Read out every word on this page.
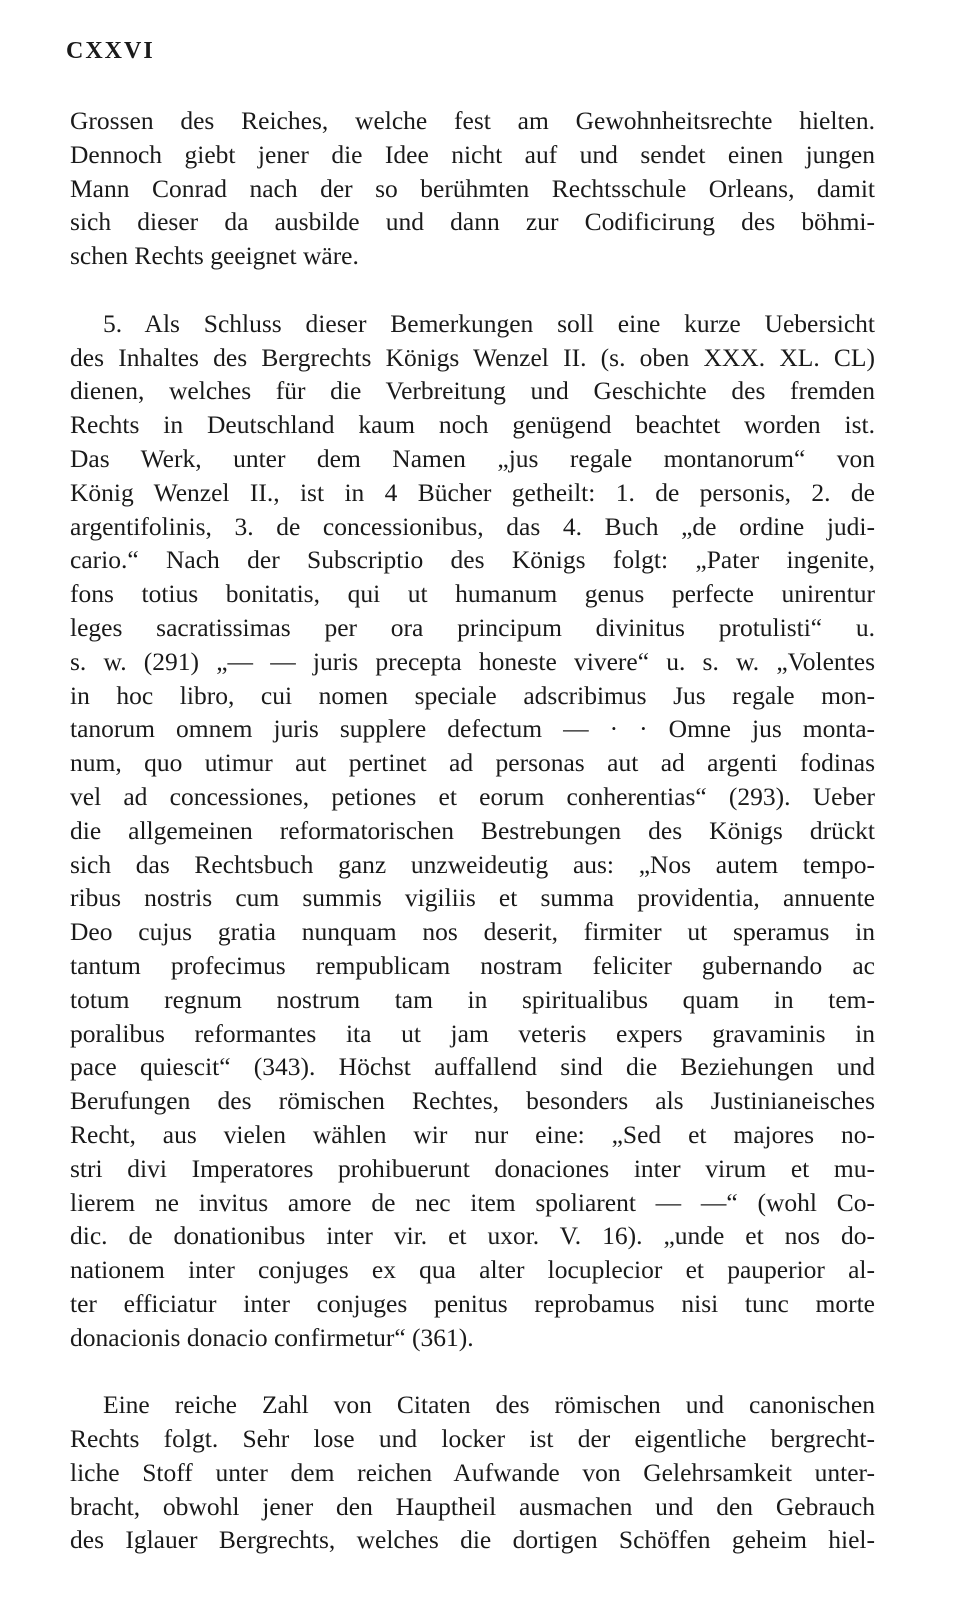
CXXVI
Grossen des Reiches, welche fest am Gewohnheitsrechte hielten.
Dennoch giebt jener die Idee nicht auf und sendet einen jungen
Mann Conrad nach der so berühmten Rechtsschule Orleans, damit
sich dieser da ausbilde und dann zur Codificirung des böhmi-
schen Rechts geeignet wäre.
5. Als Schluss dieser Bemerkungen soll eine kurze Uebersicht
des Inhaltes des Bergrechts Königs Wenzel II. (s. oben XXX. XL. CL)
dienen, welches für die Verbreitung und Geschichte des fremden
Rechts in Deutschland kaum noch genügend beachtet worden ist.
Das Werk, unter dem Namen „jus regale montanorum“ von
König Wenzel II., ist in 4 Bücher getheilt: 1. de personis, 2. de
argentifolinis, 3. de concessionibus, das 4. Buch „de ordine judi-
cario.“ Nach der Subscriptio des Königs folgt: „Pater ingenite,
fons totius bonitatis, qui ut humanum genus perfecte unirentur
leges sacratissimas per ora principum divinitus protulisti“ u.
s. w. (291) „— — juris precepta honeste vivere“ u. s. w. „Volentes
in hoc libro, cui nomen speciale adscribimus Jus regale mon-
tanorum omnem juris supplere defectum — · · Omne jus monta-
num, quo utimur aut pertinet ad personas aut ad argenti fodinas
vel ad concessiones, petiones et eorum conherentias“ (293). Ueber
die allgemeinen reformatorischen Bestrebungen des Königs drückt
sich das Rechtsbuch ganz unzweideutig aus: „Nos autem tempo-
ribus nostris cum summis vigiliis et summa providentia, annuente
Deo cujus gratia nunquam nos deserit, firmiter ut speramus in
tantum profecimus rempublicam nostram feliciter gubernando ac
totum regnum nostrum tam in spiritualibus quam in tem-
poralibus reformantes ita ut jam veteris expers gravaminis in
pace quiescit“ (343). Höchst auffallend sind die Beziehungen und
Berufungen des römischen Rechtes, besonders als Justinianeisches
Recht, aus vielen wählen wir nur eine: „Sed et majores no-
stri divi Imperatores prohibuerunt donaciones inter virum et mu-
lierem ne invitus amore de nec item spoliarent — —“ (wohl Co-
dic. de donationibus inter vir. et uxor. V. 16). „unde et nos do-
nationem inter conjuges ex qua alter locuplecior et pauperior al-
ter efficiatur inter conjuges penitus reprobamus nisi tunc morte
donacionis donacio confirmetur“ (361).
Eine reiche Zahl von Citaten des römischen und canonischen
Rechts folgt. Sehr lose und locker ist der eigentliche bergrecht-
liche Stoff unter dem reichen Aufwande von Gelehrsamkeit unter-
bracht, obwohl jener den Hauptheil ausmachen und den Gebrauch
des Iglauer Bergrechts, welches die dortigen Schöffen geheim hiel-
